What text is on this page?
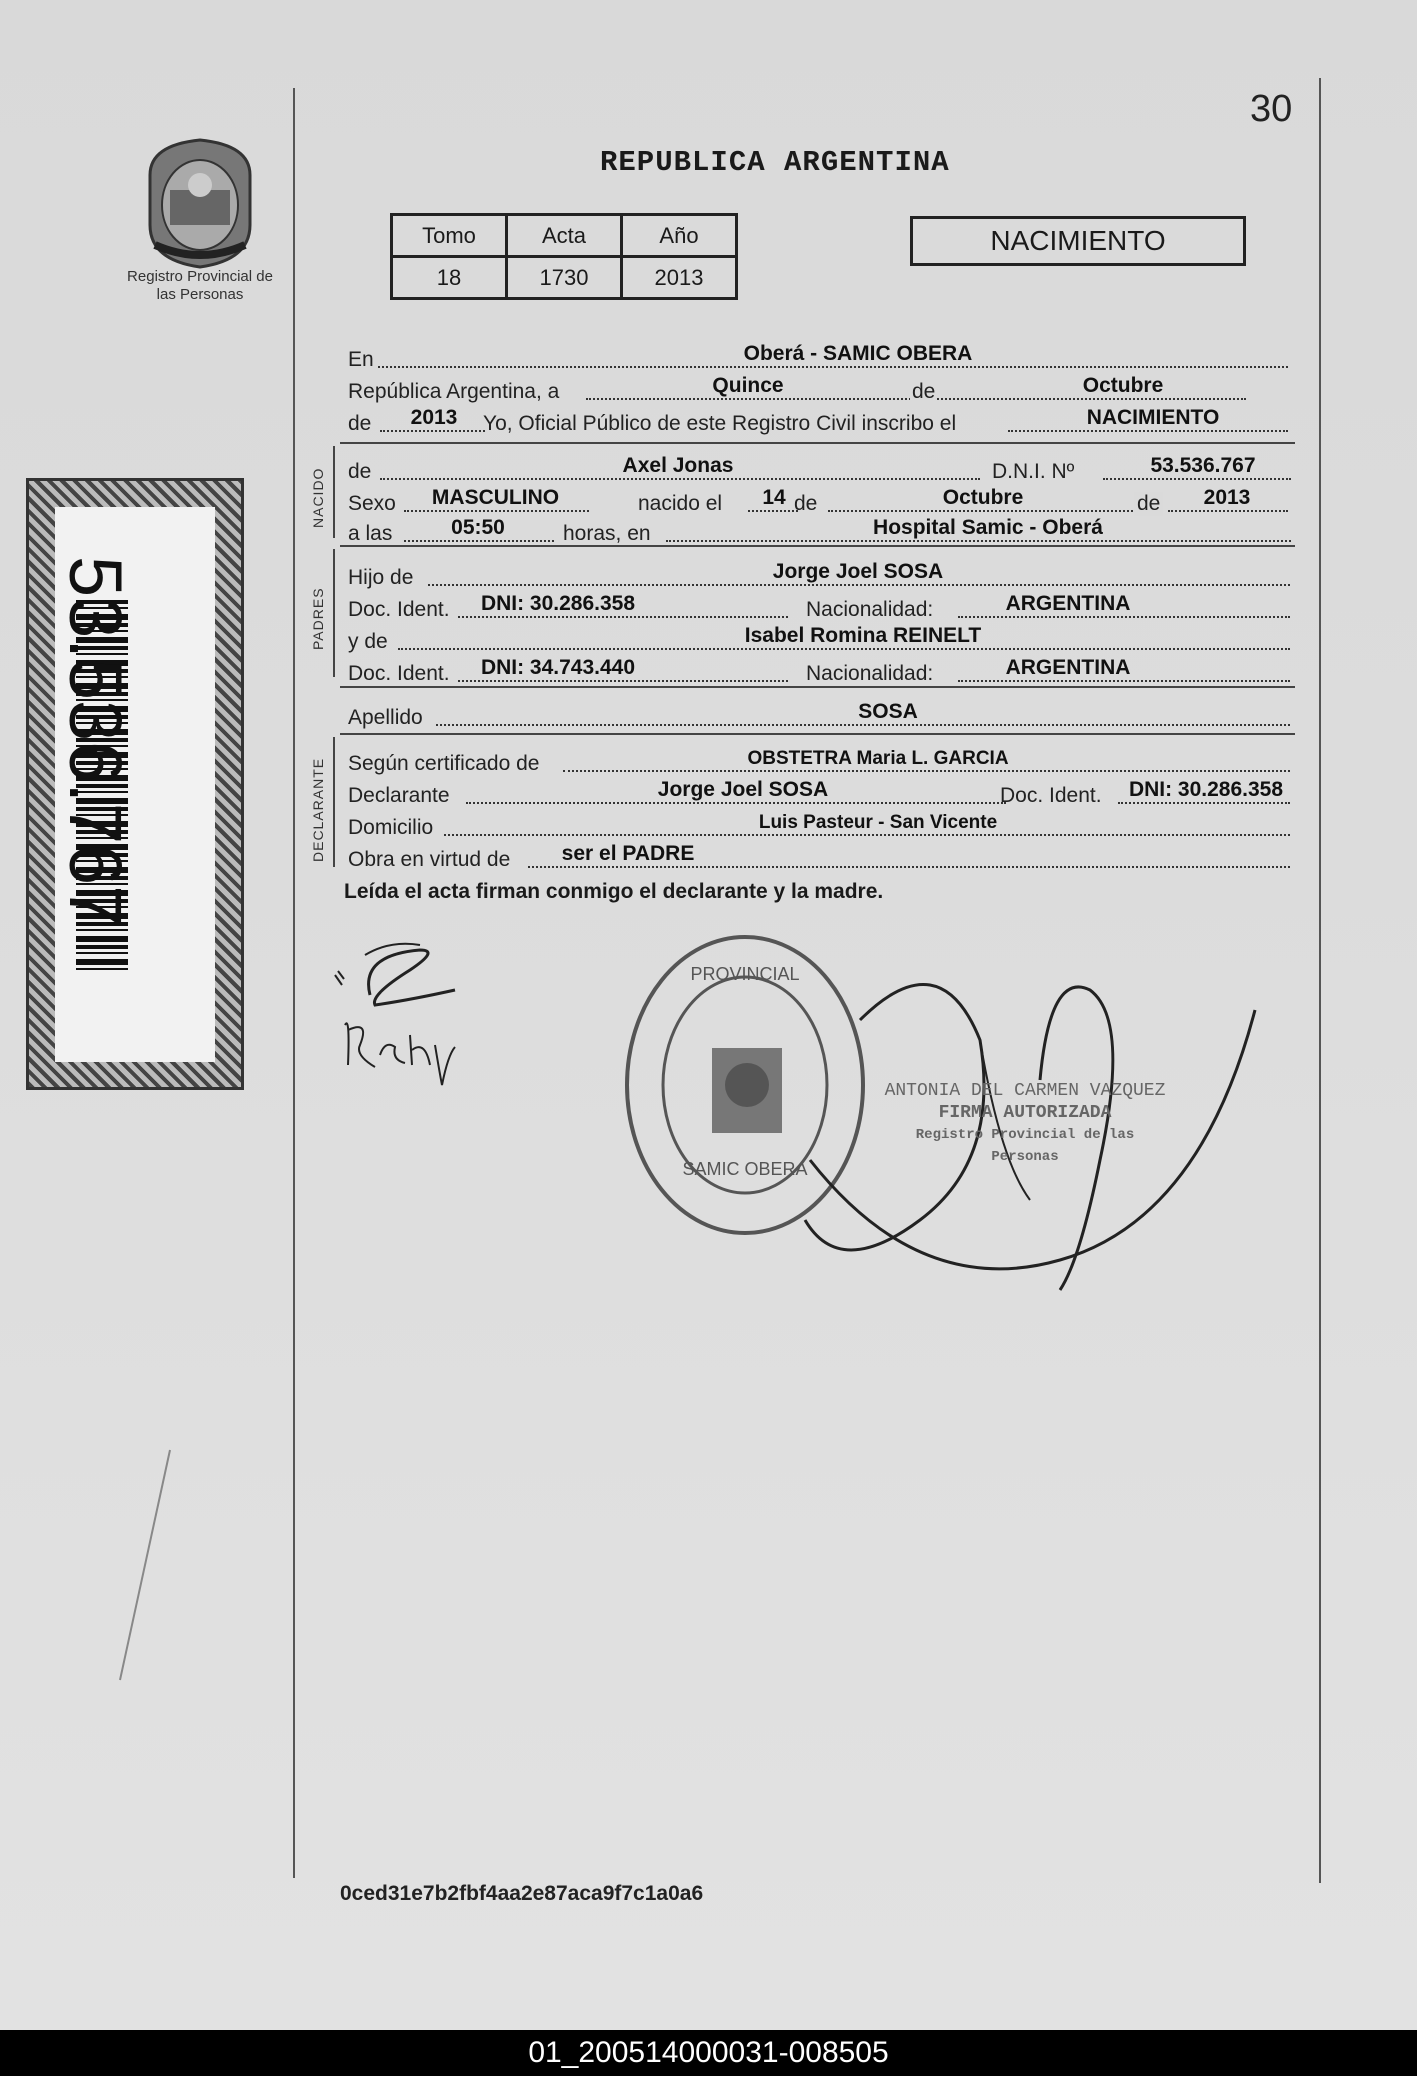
30
Registro Provincial de las Personas
53.536.767
REPUBLICA ARGENTINA
Tomo	Acta	Año
18	1730	2013
NACIMIENTO
En	Oberá - SAMIC OBERA
República Argentina, a	Quince	de	Octubre
de	2013	Yo, Oficial Público de este Registro Civil inscribo el	NACIMIENTO
NACIDO de	Axel Jonas	D.N.I. Nº	53.536.767
Sexo	MASCULINO	nacido el	14 de	Octubre	de	2013
a las	05:50	horas, en	Hospital Samic - Oberá
PADRES
Hijo de	Jorge Joel SOSA
Doc. Ident.	DNI: 30.286.358	Nacionalidad:	ARGENTINA
y de	Isabel Romina REINELT
Doc. Ident.	DNI: 34.743.440	Nacionalidad:	ARGENTINA
Apellido	SOSA
DECLARANTE Según certificado de	OBSTETRA Maria L. GARCIA
Declarante	Jorge Joel SOSA	Doc. Ident.	DNI: 30.286.358
Domicilio	Luis Pasteur - San Vicente
Obra en virtud de	ser el PADRE
Leída el acta firman conmigo el declarante y la madre.
PROVINCIAL
SAMIC OBERA
ANTONIA DEL CARMEN VAZQUEZ
FIRMA AUTORIZADA
Registro Provincial de las Personas
0ced31e7b2fbf4aa2e87aca9f7c1a0a6
01_200514000031-008505
